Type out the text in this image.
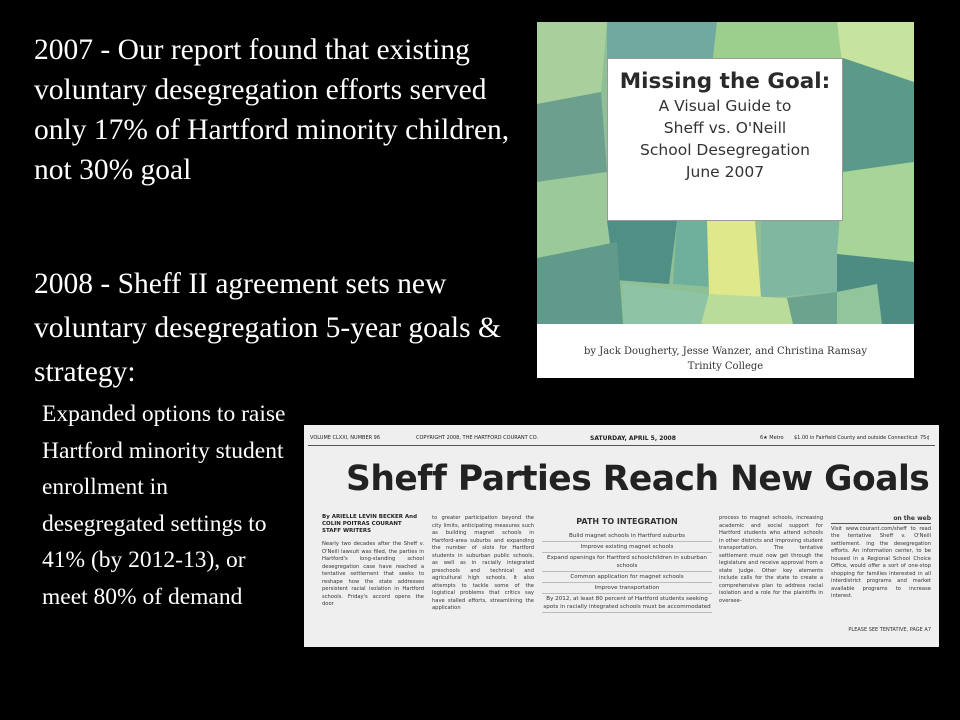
2007 - Our report found that existing voluntary desegregation efforts served only 17% of Hartford minority children, not 30% goal

2008 - Sheff II agreement sets new voluntary desegregation 5-year goals & strategy:

Expanded options to raise Hartford minority student enrollment in desegregated settings to 41% (by 2012-13), or meet 80% of demand

Missing the Goal:
A Visual Guide to
Sheff vs. O'Neill
School Desegregation
June 2007
by Jack Dougherty, Jesse Wanzer, and Christina Ramsay
Trinity College
VOLUME CLXXI, NUMBER 96	COPYRIGHT 2008, THE HARTFORD COURANT CO.	SATURDAY, APRIL 5, 2008	6★ Metro $1.00 in Fairfield County and outside Connecticut 75¢
Sheff Parties Reach New Goals
By ARIELLE LEVIN BECKER And COLIN POITRAS COURANT STAFF WRITERS
Nearly two decades after the Sheff v. O'Neill lawsuit was filed, the parties in Hartford's long-standing school desegregation case have reached a tentative settlement that seeks to reshape how the state addresses persistent racial isolation in Hartford schools. Friday's accord opens the door
to greater participation beyond the city limits, anticipating measures such as building magnet schools in Hartford-area suburbs and expanding the number of slots for Hartford students in suburban public schools, as well as in racially integrated preschools and technical and agricultural high schools. It also attempts to tackle some of the logistical problems that critics say have stalled efforts, streamlining the application
PATH TO INTEGRATION
Build magnet schools in Hartford suburbs
Improve existing magnet schools
Expand openings for Hartford schoolchildren in suburban schools
Common application for magnet schools
Improve transportation
By 2012, at least 80 percent of Hartford students seeking spots in racially integrated schools must be accommodated
process to magnet schools, increasing academic and social support for Hartford students who attend schools in other districts and improving student transportation. The tentative settlement must now get through the legislature and receive approval from a state judge. Other key elements include calls for the state to create a comprehensive plan to address racial isolation and a role for the plaintiffs in oversee-
on the web
Visit www.courant.com/sheff to read the tentative Sheff v. O'Neill settlement. ing the desegregation efforts. An information center, to be housed in a Regional School Choice Office, would offer a sort of one-stop shopping for families interested in all interdistrict programs and market available programs to increase interest.
PLEASE SEE TENTATIVE, PAGE A7
